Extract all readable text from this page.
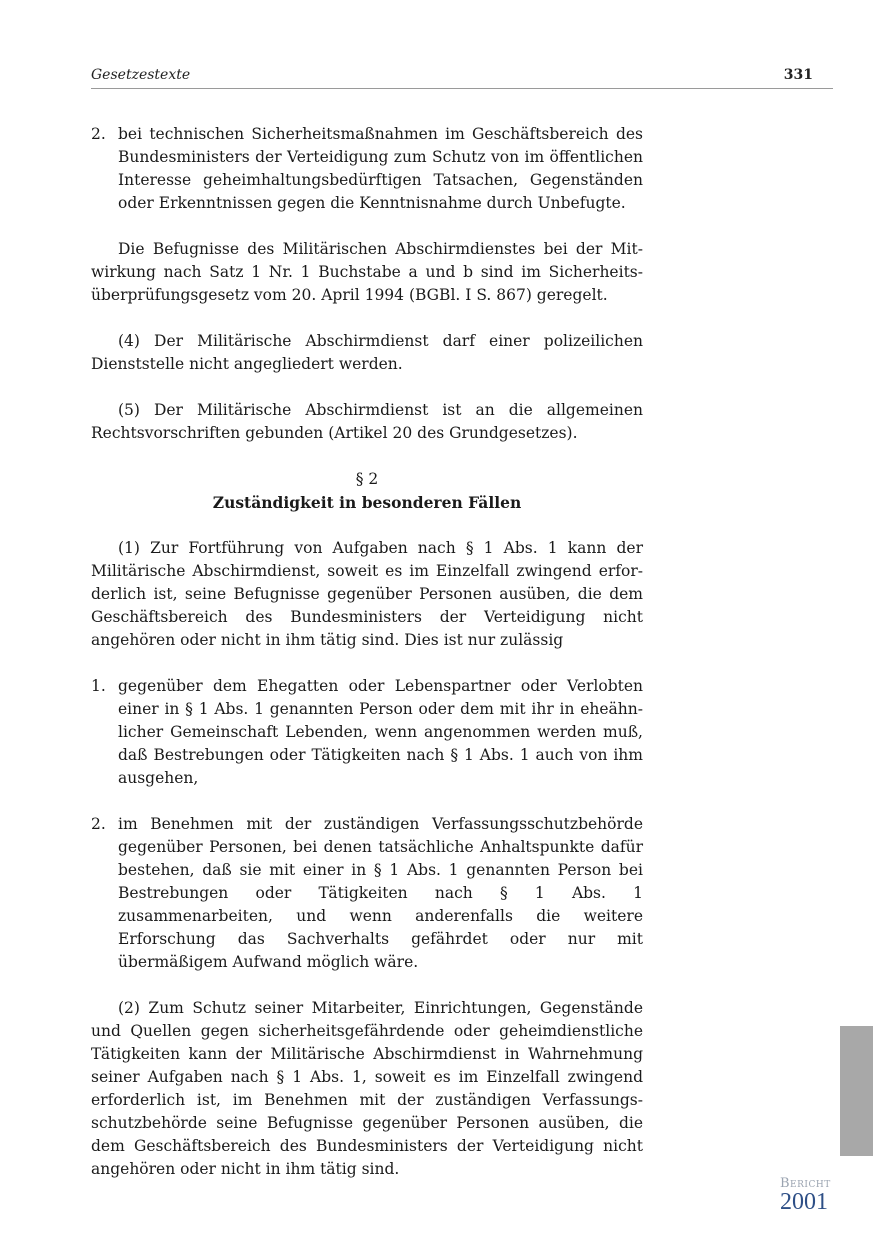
Gesetzestexte	331
2. bei technischen Sicherheitsmaßnahmen im Geschäftsbereich des Bundesministers der Verteidigung zum Schutz von im öffentlichen Interesse geheimhaltungsbedürftigen Tatsachen, Gegenständen oder Erkenntnissen gegen die Kenntnisnahme durch Unbefugte.

Die Befugnisse des Militärischen Abschirmdienstes bei der Mitwirkung nach Satz 1 Nr. 1 Buchstabe a und b sind im Sicherheitsüberprüfungsgesetz vom 20. April 1994 (BGBl. I S. 867) geregelt.

(4) Der Militärische Abschirmdienst darf einer polizeilichen Dienststelle nicht angegliedert werden.

(5) Der Militärische Abschirmdienst ist an die allgemeinen Rechtsvorschriften gebunden (Artikel 20 des Grundgesetzes).

§ 2
Zuständigkeit in besonderen Fällen

(1) Zur Fortführung von Aufgaben nach § 1 Abs. 1 kann der Militärische Abschirmdienst, soweit es im Einzelfall zwingend erforderlich ist, seine Befugnisse gegenüber Personen ausüben, die dem Geschäftsbereich des Bundesministers der Verteidigung nicht angehören oder nicht in ihm tätig sind. Dies ist nur zulässig

1. gegenüber dem Ehegatten oder Lebenspartner oder Verlobten einer in § 1 Abs. 1 genannten Person oder dem mit ihr in eheähnlicher Gemeinschaft Lebenden, wenn angenommen werden muß, daß Bestrebungen oder Tätigkeiten nach § 1 Abs. 1 auch von ihm ausgehen,
2. im Benehmen mit der zuständigen Verfassungsschutzbehörde gegenüber Personen, bei denen tatsächliche Anhaltspunkte dafür bestehen, daß sie mit einer in § 1 Abs. 1 genannten Person bei Bestrebungen oder Tätigkeiten nach § 1 Abs. 1 zusammenarbeiten, und wenn anderenfalls die weitere Erforschung das Sachverhalts gefährdet oder nur mit übermäßigem Aufwand möglich wäre.

(2) Zum Schutz seiner Mitarbeiter, Einrichtungen, Gegenstände und Quellen gegen sicherheitsgefährdende oder geheimdienstliche Tätigkeiten kann der Militärische Abschirmdienst in Wahrnehmung seiner Aufgaben nach § 1 Abs. 1, soweit es im Einzelfall zwingend erforderlich ist, im Benehmen mit der zuständigen Verfassungsschutzbehörde seine Befugnisse gegenüber Personen ausüben, die dem Geschäftsbereich des Bundesministers der Verteidigung nicht angehören oder nicht in ihm tätig sind.

Bericht
2001
